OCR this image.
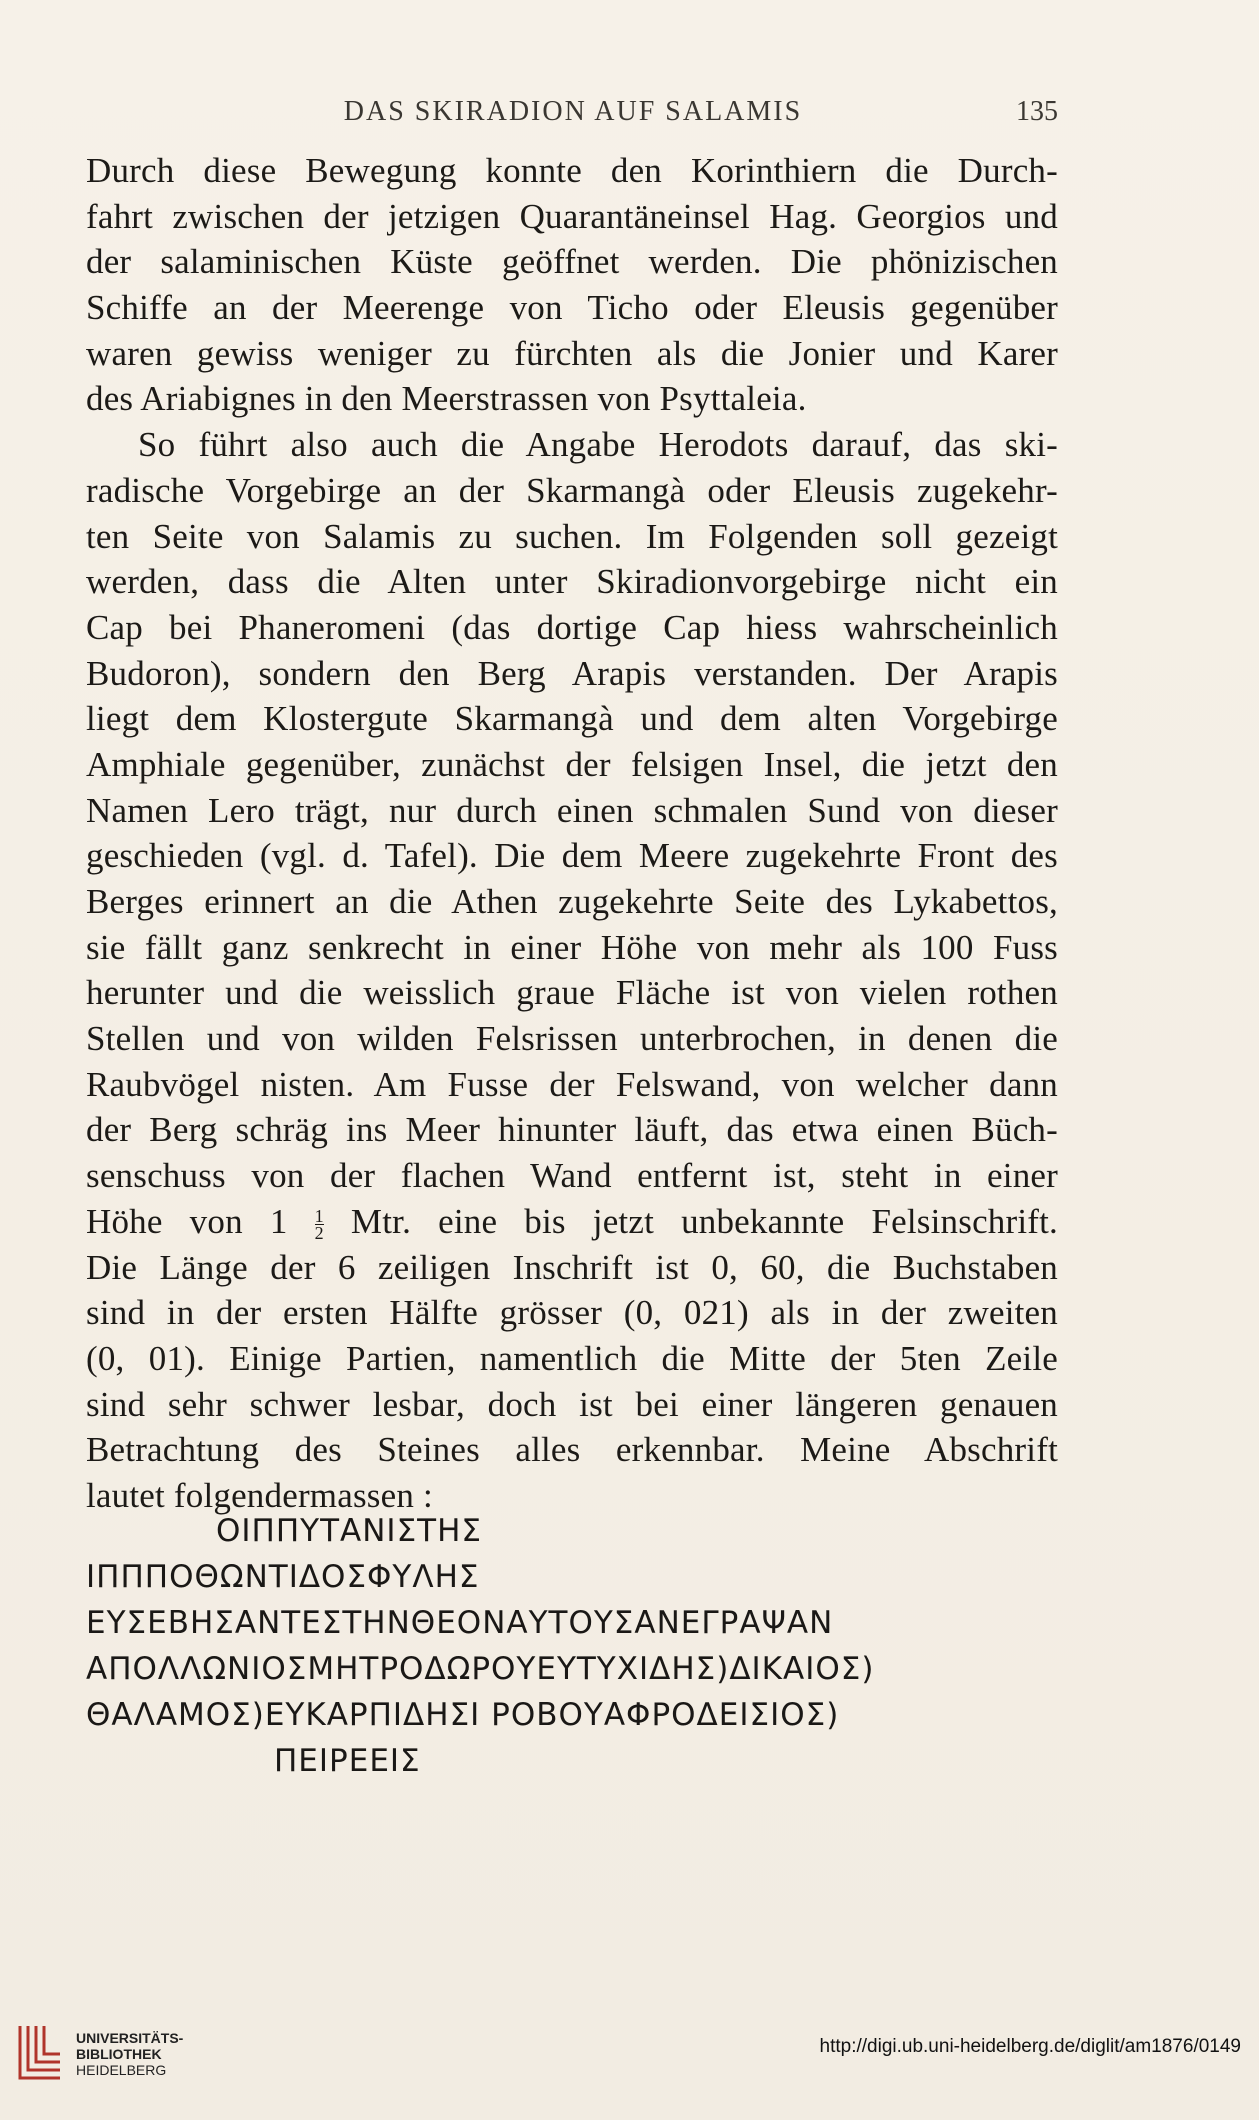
DAS SKIRADION AUF SALAMIS	135
Durch diese Bewegung konnte den Korinthiern die Durch-
fahrt zwischen der jetzigen Quarantäneinsel Hag. Georgios und
der salaminischen Küste geöffnet werden. Die phönizischen
Schiffe an der Meerenge von Ticho oder Eleusis gegenüber
waren gewiss weniger zu fürchten als die Jonier und Karer
des Ariabignes in den Meerstrassen von Psyttaleia.
So führt also auch die Angabe Herodots darauf, das ski-
radische Vorgebirge an der Skarmangà oder Eleusis zugekehr-
ten Seite von Salamis zu suchen. Im Folgenden soll gezeigt
werden, dass die Alten unter Skiradionvorgebirge nicht ein
Cap bei Phaneromeni (das dortige Cap hiess wahrscheinlich
Budoron), sondern den Berg Arapis verstanden. Der Arapis
liegt dem Klostergute Skarmangà und dem alten Vorgebirge
Amphiale gegenüber, zunächst der felsigen Insel, die jetzt den
Namen Lero trägt, nur durch einen schmalen Sund von dieser
geschieden (vgl. d. Tafel). Die dem Meere zugekehrte Front des
Berges erinnert an die Athen zugekehrte Seite des Lykabettos,
sie fällt ganz senkrecht in einer Höhe von mehr als 100 Fuss
herunter und die weisslich graue Fläche ist von vielen rothen
Stellen und von wilden Felsrissen unterbrochen, in denen die
Raubvögel nisten. Am Fusse der Felswand, von welcher dann
der Berg schräg ins Meer hinunter läuft, das etwa einen Büch-
senschuss von der flachen Wand entfernt ist, steht in einer
Höhe von $1 \frac{1}{2}$ Mtr. eine bis jetzt unbekannte Felsinschrift.
Die Länge der 6 zeiligen Inschrift ist 0, 60, die Buchstaben
sind in der ersten Hälfte grösser (0, 021) als in der zweiten
(0, 01). Einige Partien, namentlich die Mitte der 5ten Zeile
sind sehr schwer lesbar, doch ist bei einer längeren genauen
Betrachtung des Steines alles erkennbar. Meine Abschrift
lautet folgendermassen :
ΟΙΠΠΥΤΑΝΙΣΤΗΣ
ΙΠΠΠΟΘΩΝΤΙΔΟΣΦΥΛΗΣ
ΕΥΣΕΒΗΣΑΝΤΕΣΤΗΝΘΕΟΝΑΥΤΟΥΣΑΝΕΓΡΑΨΑΝ
ΑΠΟΛΛΩΝΙΟΣΜΗΤΡΟΔΩΡΟΥΕΥΤΥΧΙΔΗΣ)ΔΙΚΑΙΟΣ)
ΘΑΛΑΜΟΣ)ΕΥΚΑΡΠΙΔΗΣΙ ΡΟΒΟΥΑΦΡΟΔΕΙΣΙΟΣ)
ΠΕΙΡΕΕΙΣ
UNIVERSITÄTS-
BIBLIOTHEK
HEIDELBERG
http://digi.ub.uni-heidelberg.de/diglit/am1876/0149
